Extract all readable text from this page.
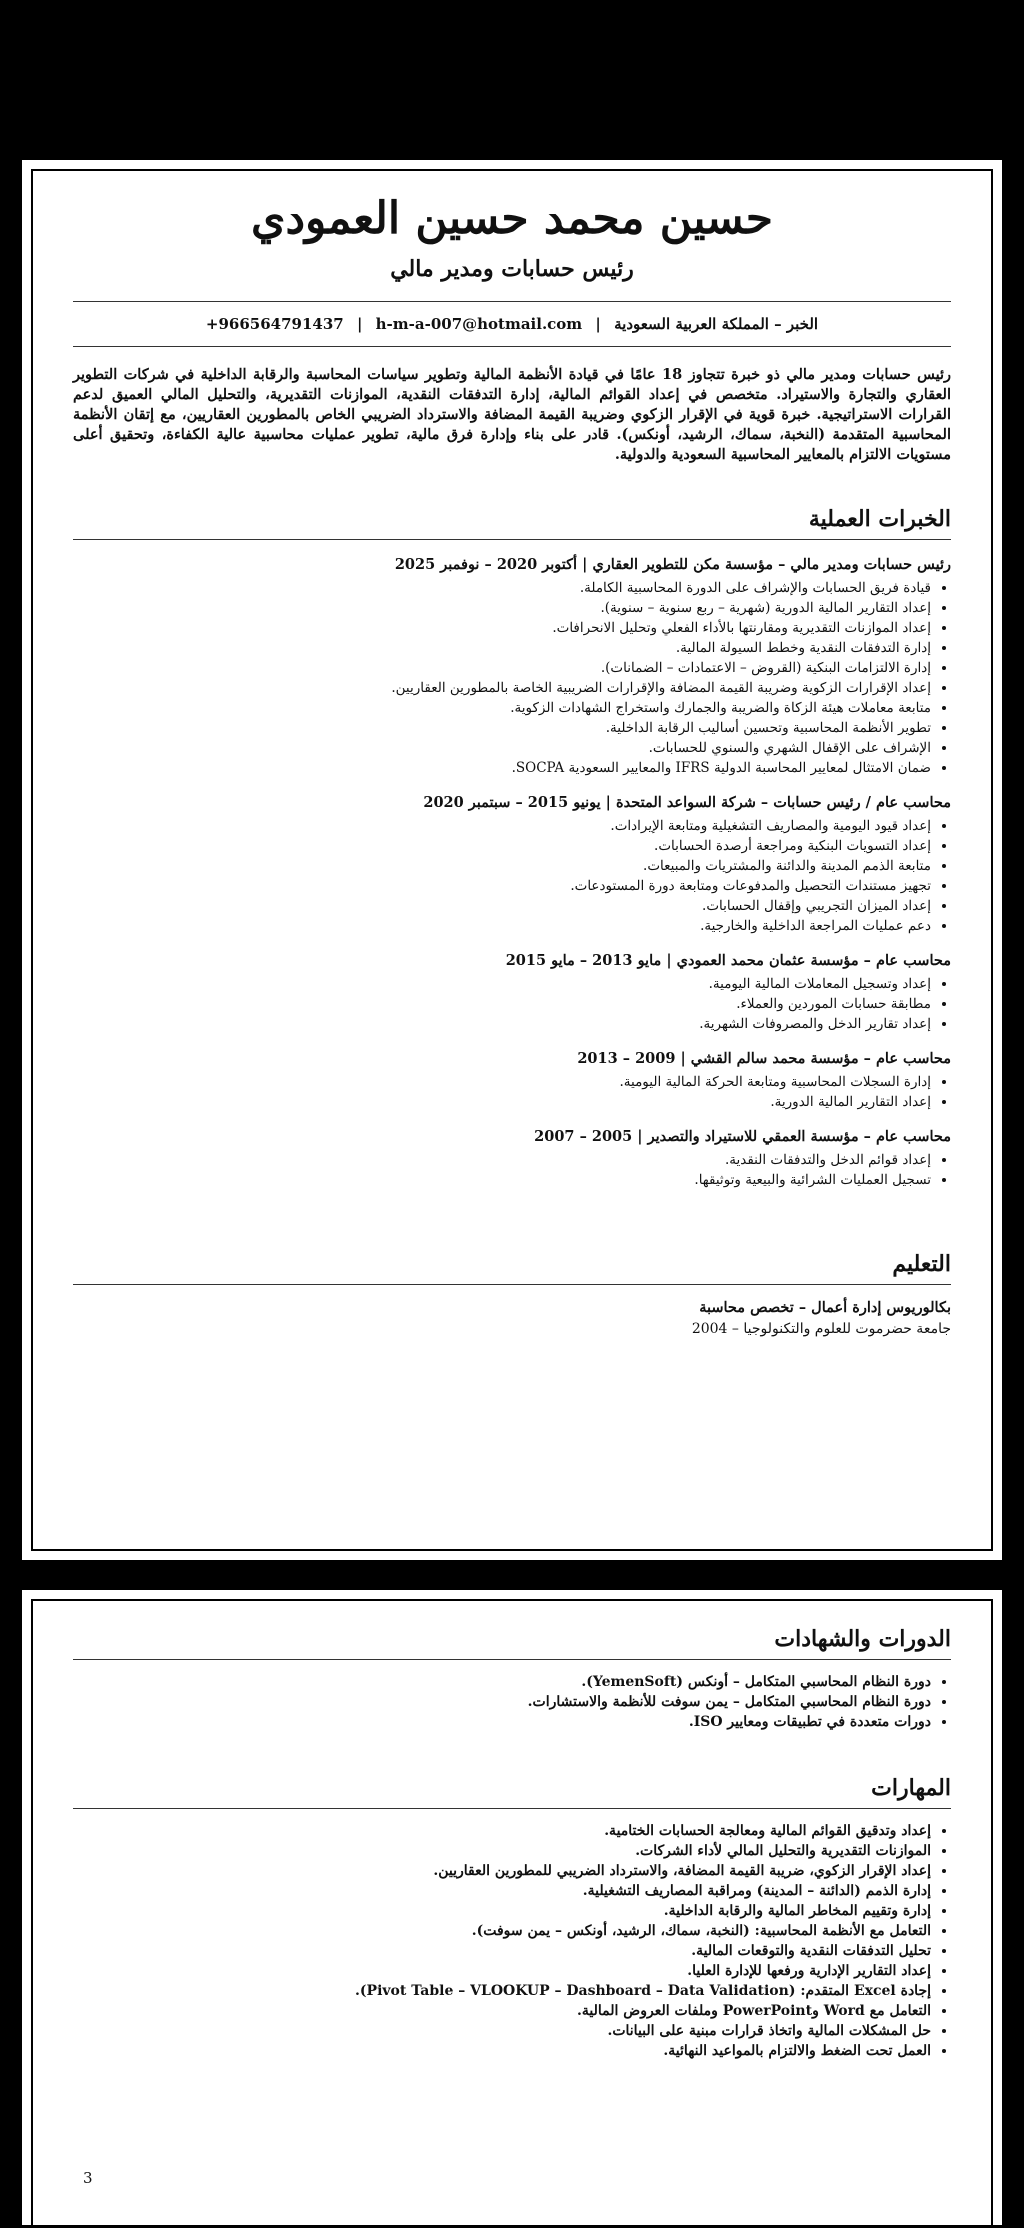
حسين محمد حسين العمودي
رئيس حسابات ومدير مالي
الخبر – المملكة العربية السعودية | h-m-a-007@hotmail.com | +966564791437
رئيس حسابات ومدير مالي ذو خبرة تتجاوز 18 عامًا في قيادة الأنظمة المالية وتطوير سياسات المحاسبة والرقابة الداخلية في شركات التطوير العقاري والتجارة والاستيراد. متخصص في إعداد القوائم المالية، إدارة التدفقات النقدية، الموازنات التقديرية، والتحليل المالي العميق لدعم القرارات الاستراتيجية. خبرة قوية في الإقرار الزكوي وضريبة القيمة المضافة والاسترداد الضريبي الخاص بالمطورين العقاريين، مع إتقان الأنظمة المحاسبية المتقدمة (النخبة، سماك، الرشيد، أونكس). قادر على بناء وإدارة فرق مالية، تطوير عمليات محاسبية عالية الكفاءة، وتحقيق أعلى مستويات الالتزام بالمعايير المحاسبية السعودية والدولية.
الخبرات العملية
رئيس حسابات ومدير مالي – مؤسسة مكن للتطوير العقاري | أكتوبر 2020 – نوفمبر 2025
• قيادة فريق الحسابات والإشراف على الدورة المحاسبية الكاملة.
• إعداد التقارير المالية الدورية (شهرية – ربع سنوية – سنوية).
• إعداد الموازنات التقديرية ومقارنتها بالأداء الفعلي وتحليل الانحرافات.
• إدارة التدفقات النقدية وخطط السيولة المالية.
• إدارة الالتزامات البنكية (القروض – الاعتمادات – الضمانات).
• إعداد الإقرارات الزكوية وضريبة القيمة المضافة والإقرارات الضريبية الخاصة بالمطورين العقاريين.
• متابعة معاملات هيئة الزكاة والضريبة والجمارك واستخراج الشهادات الزكوية.
• تطوير الأنظمة المحاسبية وتحسين أساليب الرقابة الداخلية.
• الإشراف على الإقفال الشهري والسنوي للحسابات.
• ضمان الامتثال لمعايير المحاسبة الدولية IFRS والمعايير السعودية SOCPA.
محاسب عام / رئيس حسابات – شركة السواعد المتحدة | يونيو 2015 – سبتمبر 2020
• إعداد قيود اليومية والمصاريف التشغيلية ومتابعة الإيرادات.
• إعداد التسويات البنكية ومراجعة أرصدة الحسابات.
• متابعة الذمم المدينة والدائنة والمشتريات والمبيعات.
• تجهيز مستندات التحصيل والمدفوعات ومتابعة دورة المستودعات.
• إعداد الميزان التجريبي وإقفال الحسابات.
• دعم عمليات المراجعة الداخلية والخارجية.
محاسب عام – مؤسسة عثمان محمد العمودي | مايو 2013 – مايو 2015
• إعداد وتسجيل المعاملات المالية اليومية.
• مطابقة حسابات الموردين والعملاء.
• إعداد تقارير الدخل والمصروفات الشهرية.
محاسب عام – مؤسسة محمد سالم القشي | 2009 – 2013
• إدارة السجلات المحاسبية ومتابعة الحركة المالية اليومية.
• إعداد التقارير المالية الدورية.
محاسب عام – مؤسسة العمقي للاستيراد والتصدير | 2005 – 2007
• إعداد قوائم الدخل والتدفقات النقدية.
• تسجيل العمليات الشرائية والبيعية وتوثيقها.
التعليم
بكالوريوس إدارة أعمال – تخصص محاسبة
جامعة حضرموت للعلوم والتكنولوجيا – 2004
الدورات والشهادات
• دورة النظام المحاسبي المتكامل – أونكس (YemenSoft).
• دورة النظام المحاسبي المتكامل – يمن سوفت للأنظمة والاستشارات.
• دورات متعددة في تطبيقات ومعايير ISO.
المهارات
• إعداد وتدقيق القوائم المالية ومعالجة الحسابات الختامية.
• الموازنات التقديرية والتحليل المالي لأداء الشركات.
• إعداد الإقرار الزكوي، ضريبة القيمة المضافة، والاسترداد الضريبي للمطورين العقاريين.
• إدارة الذمم (الدائنة – المدينة) ومراقبة المصاريف التشغيلية.
• إدارة وتقييم المخاطر المالية والرقابة الداخلية.
• التعامل مع الأنظمة المحاسبية: (النخبة، سماك، الرشيد، أونكس – يمن سوفت).
• تحليل التدفقات النقدية والتوقعات المالية.
• إعداد التقارير الإدارية ورفعها للإدارة العليا.
• إجادة Excel المتقدم: (Pivot Table – VLOOKUP – Dashboard – Data Validation).
• التعامل مع Word وPowerPoint وملفات العروض المالية.
• حل المشكلات المالية واتخاذ قرارات مبنية على البيانات.
• العمل تحت الضغط والالتزام بالمواعيد النهائية.
3
